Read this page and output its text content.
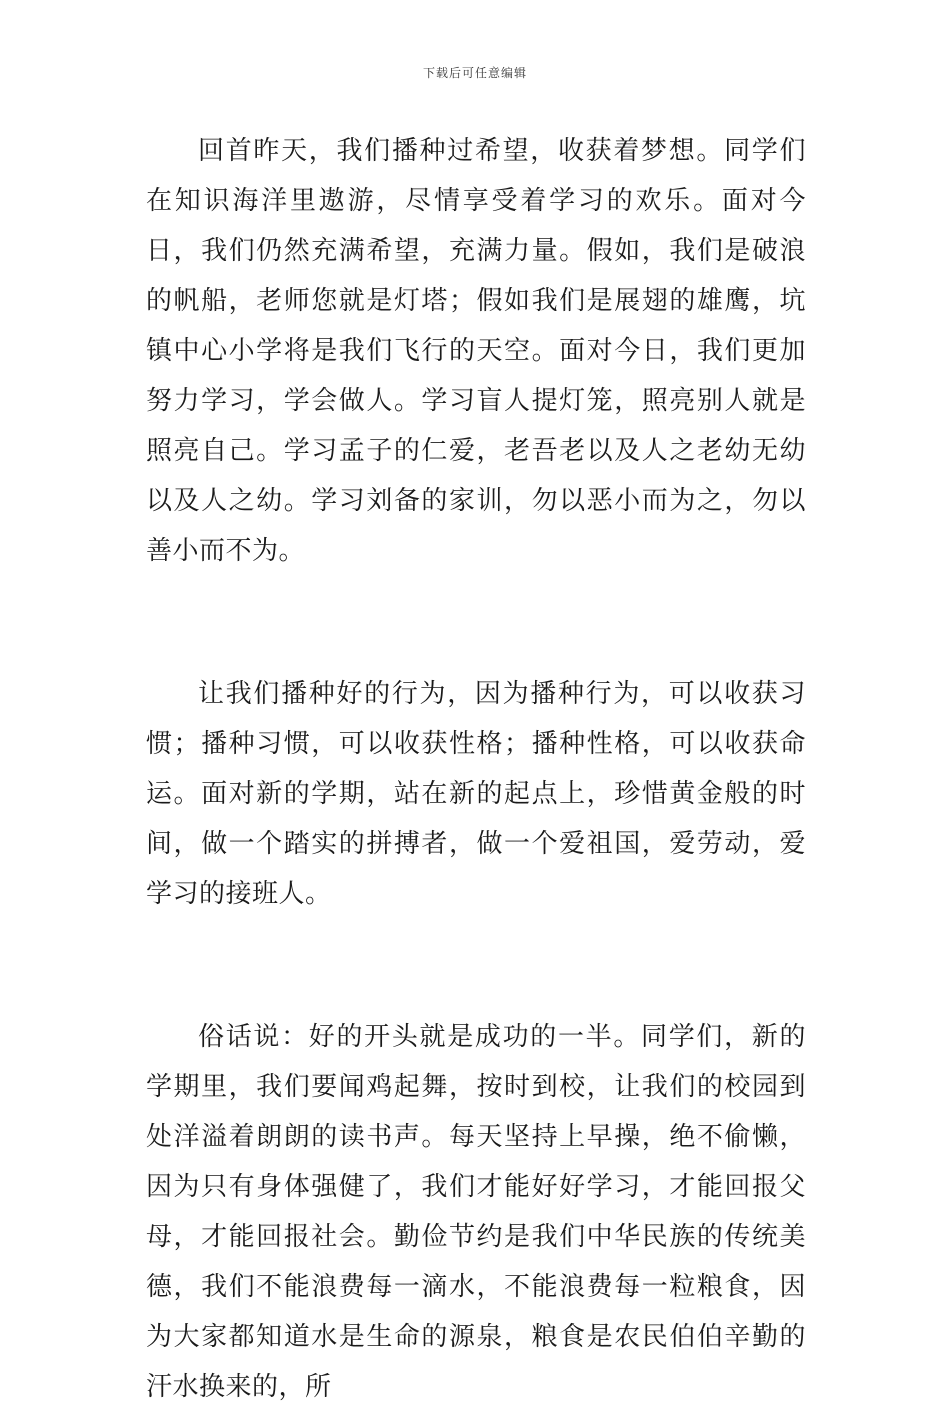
下载后可任意编辑

回首昨天，我们播种过希望，收获着梦想。同学们在知识海洋里遨游，尽情享受着学习的欢乐。面对今日，我们仍然充满希望，充满力量。假如，我们是破浪的帆船，老师您就是灯塔；假如我们是展翅的雄鹰，坑镇中心小学将是我们飞行的天空。面对今日，我们更加努力学习，学会做人。学习盲人提灯笼，照亮别人就是照亮自己。学习孟子的仁爱，老吾老以及人之老幼无幼以及人之幼。学习刘备的家训，勿以恶小而为之，勿以善小而不为。

让我们播种好的行为，因为播种行为，可以收获习惯；播种习惯，可以收获性格；播种性格，可以收获命运。面对新的学期，站在新的起点上，珍惜黄金般的时间，做一个踏实的拼搏者，做一个爱祖国，爱劳动，爱学习的接班人。

俗话说：好的开头就是成功的一半。同学们，新的学期里，我们要闻鸡起舞，按时到校，让我们的校园到处洋溢着朗朗的读书声。每天坚持上早操，绝不偷懒，因为只有身体强健了，我们才能好好学习，才能回报父母，才能回报社会。勤俭节约是我们中华民族的传统美德，我们不能浪费每一滴水，不能浪费每一粒粮食，因为大家都知道水是生命的源泉，粮食是农民伯伯辛勤的汗水换来的，所
